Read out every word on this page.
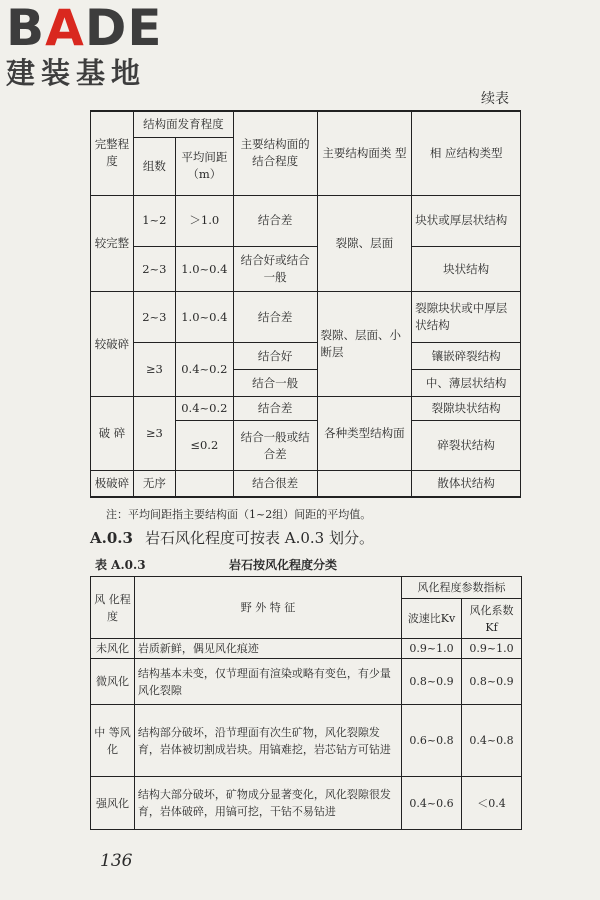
BADE
建装基地
续表
完整程度	结构面发育程度		主要结构面的结合程度	主要结构面类 型	相 应结构类型
	组数	平均间距（m）			
较完整	1~2	＞1.0	结合差	裂隙、层面	块状或厚层状结构
	2~3	1.0~0.4	结合好或结合一般		块状结构
较破碎	2~3	1.0~0.4	结合差	裂隙、层面、小断层	裂隙块状或中厚层状结构
	≥3	0.4~0.2	结合好		镶嵌碎裂结构
			结合一般		中、薄层状结构
破 碎	≥3	0.4~0.2	结合差	各种类型结构面	裂隙块状结构
		≤0.2	结合一般或结合差		碎裂状结构
极破碎	无序		结合很差		散体状结构
注：平均间距指主要结构面（1~2组）间距的平均值。
A.0.3 岩石风化程度可按表 A.0.3 划分。
表 A.0.3	岩石按风化程度分类
风 化程 度	野 外 特 征	风化程度参数指标	
		波速比Kv	风化系数Kf
未风化	岩质新鲜，偶见风化痕迹	0.9~1.0	0.9~1.0
微风化	结构基本未变，仅节理面有渲染或略有变色，有少量风化裂隙	0.8~0.9	0.8~0.9
中 等风 化	结构部分破坏，沿节理面有次生矿物，风化裂隙发育，岩体被切割成岩块。用镐难挖，岩芯钻方可钻进	0.6~0.8	0.4~0.8
强风化	结构大部分破坏，矿物成分显著变化，风化裂隙很发育，岩体破碎，用镐可挖，干钻不易钻进	0.4~0.6	＜0.4
136
